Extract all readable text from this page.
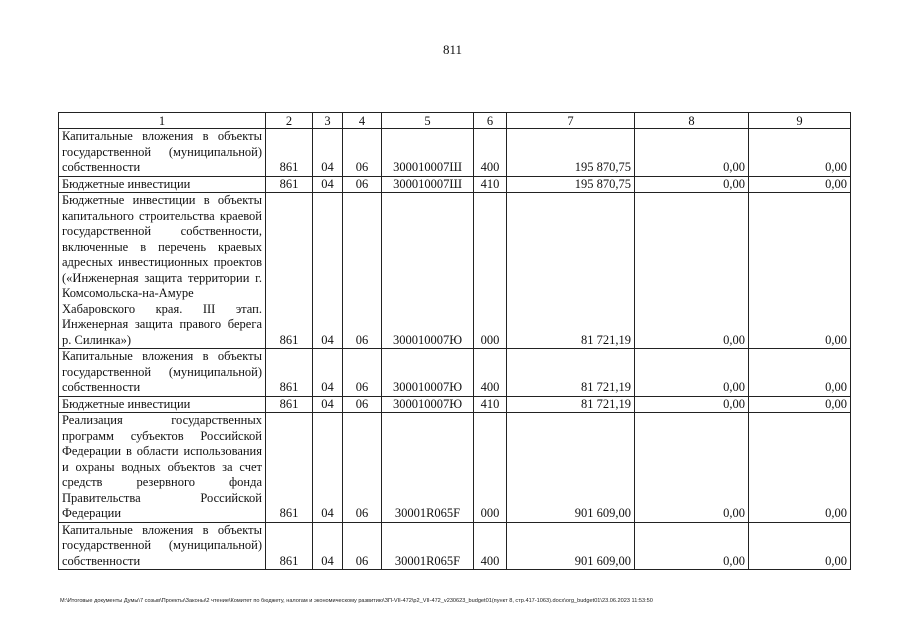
811
1	2	3	4	5	6	7	8	9
Капитальные вложения в объекты государственной (муниципальной) собственности	861	04	06	300010007Ш	400	195 870,75	0,00	0,00
Бюджетные инвестиции	861	04	06	300010007Ш	410	195 870,75	0,00	0,00
Бюджетные инвестиции в объекты капитального строительства краевой государственной собственности, включенные в перечень краевых адресных инвестиционных проектов («Инженерная защита территории г. Комсомольска-на-Амуре Хабаровского края. III этап. Инженерная защита правого берега р. Силинка»)	861	04	06	300010007Ю	000	81 721,19	0,00	0,00
Капитальные вложения в объекты государственной (муниципальной) собственности	861	04	06	300010007Ю	400	81 721,19	0,00	0,00
Бюджетные инвестиции	861	04	06	300010007Ю	410	81 721,19	0,00	0,00
Реализация государственных программ субъектов Российской Федерации в области использования и охраны водных объектов за счет средств резервного фонда Правительства Российской Федерации	861	04	06	30001R065F	000	901 609,00	0,00	0,00
Капитальные вложения в объекты государственной (муниципальной) собственности	861	04	06	30001R065F	400	901 609,00	0,00	0,00
M:\Итоговые документы Думы\7 созыв\Проекты\Законы\2 чтение\Комитет по бюджету, налогам и экономическому развитию\ЗП-VII-472\р2_VII-472_v230623_budget01(пункт 8, стр.417-1063).docx\org_budget01\23.06.2023 11:53:50
